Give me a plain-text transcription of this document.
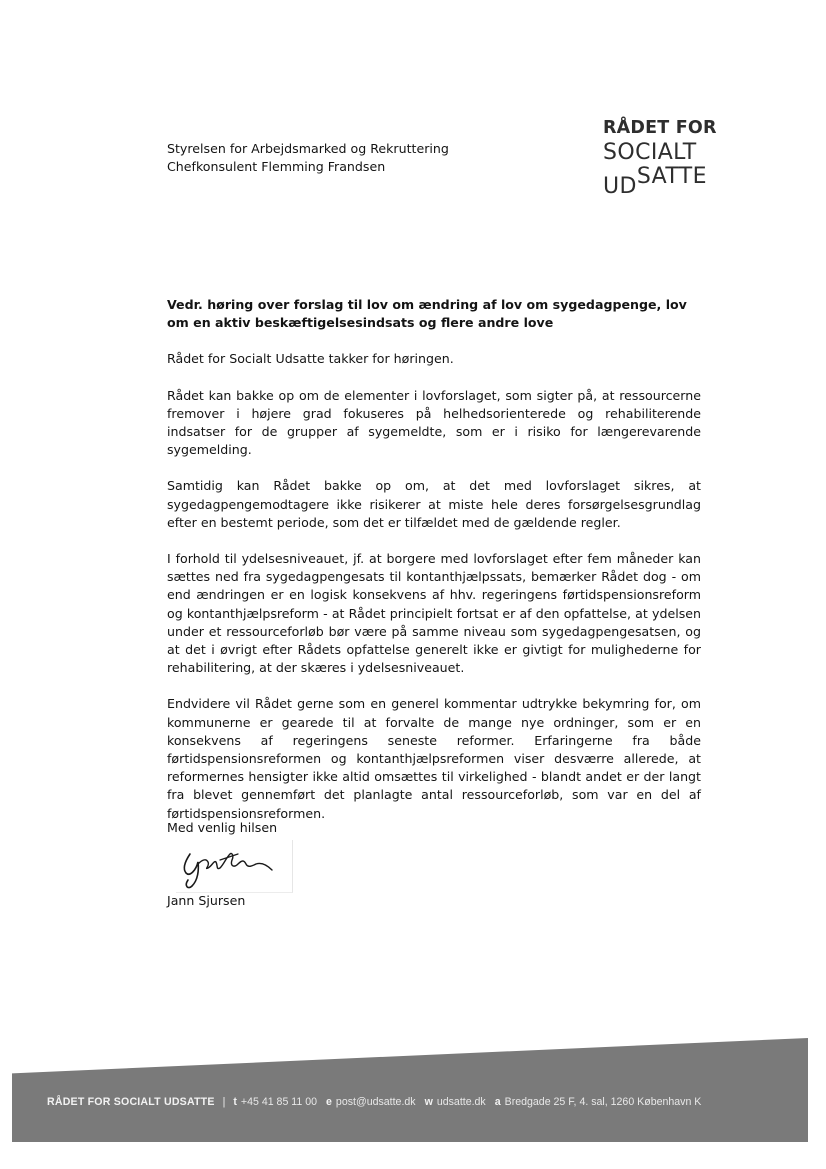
Styrelsen for Arbejdsmarked og Rekruttering
Chefkonsulent Flemming Frandsen
RÅDET FOR
SOCIALT
UDSATTE

Vedr. høring over forslag til lov om ændring af lov om sygedagpenge, lov om en aktiv beskæftigelsesindsats og flere andre love

Rådet for Socialt Udsatte takker for høringen.

Rådet kan bakke op om de elementer i lovforslaget, som sigter på, at ressourcerne fremover i højere grad fokuseres på helhedsorienterede og rehabiliterende indsatser for de grupper af sygemeldte, som er i risiko for længerevarende sygemelding.

Samtidig kan Rådet bakke op om, at det med lovforslaget sikres, at sygedagpengemodtagere ikke risikerer at miste hele deres forsørgelsesgrundlag efter en bestemt periode, som det er tilfældet med de gældende regler.

I forhold til ydelsesniveauet, jf. at borgere med lovforslaget efter fem måneder kan sættes ned fra sygedagpengesats til kontanthjælpssats, bemærker Rådet dog - om end ændringen er en logisk konsekvens af hhv. regeringens førtidspensionsreform og kontanthjælpsreform - at Rådet principielt fortsat er af den opfattelse, at ydelsen under et ressourceforløb bør være på samme niveau som sygedagpengesatsen, og at det i øvrigt efter Rådets opfattelse generelt ikke er givtigt for mulighederne for rehabilitering, at der skæres i ydelsesniveauet.

Endvidere vil Rådet gerne som en generel kommentar udtrykke bekymring for, om kommunerne er gearede til at forvalte de mange nye ordninger, som er en konsekvens af regeringens seneste reformer. Erfaringerne fra både førtidspensionsreformen og kontanthjælpsreformen viser desværre allerede, at reformernes hensigter ikke altid omsættes til virkelighed - blandt andet er der langt fra blevet gennemført det planlagte antal ressourceforløb, som var en del af førtidspensionsreformen.

Med venlig hilsen
Jann Sjursen
RÅDET FOR SOCIALT UDSATTE | t +45 41 85 11 00 e post@udsatte.dk w udsatte.dk a Bredgade 25 F, 4. sal, 1260 København K
